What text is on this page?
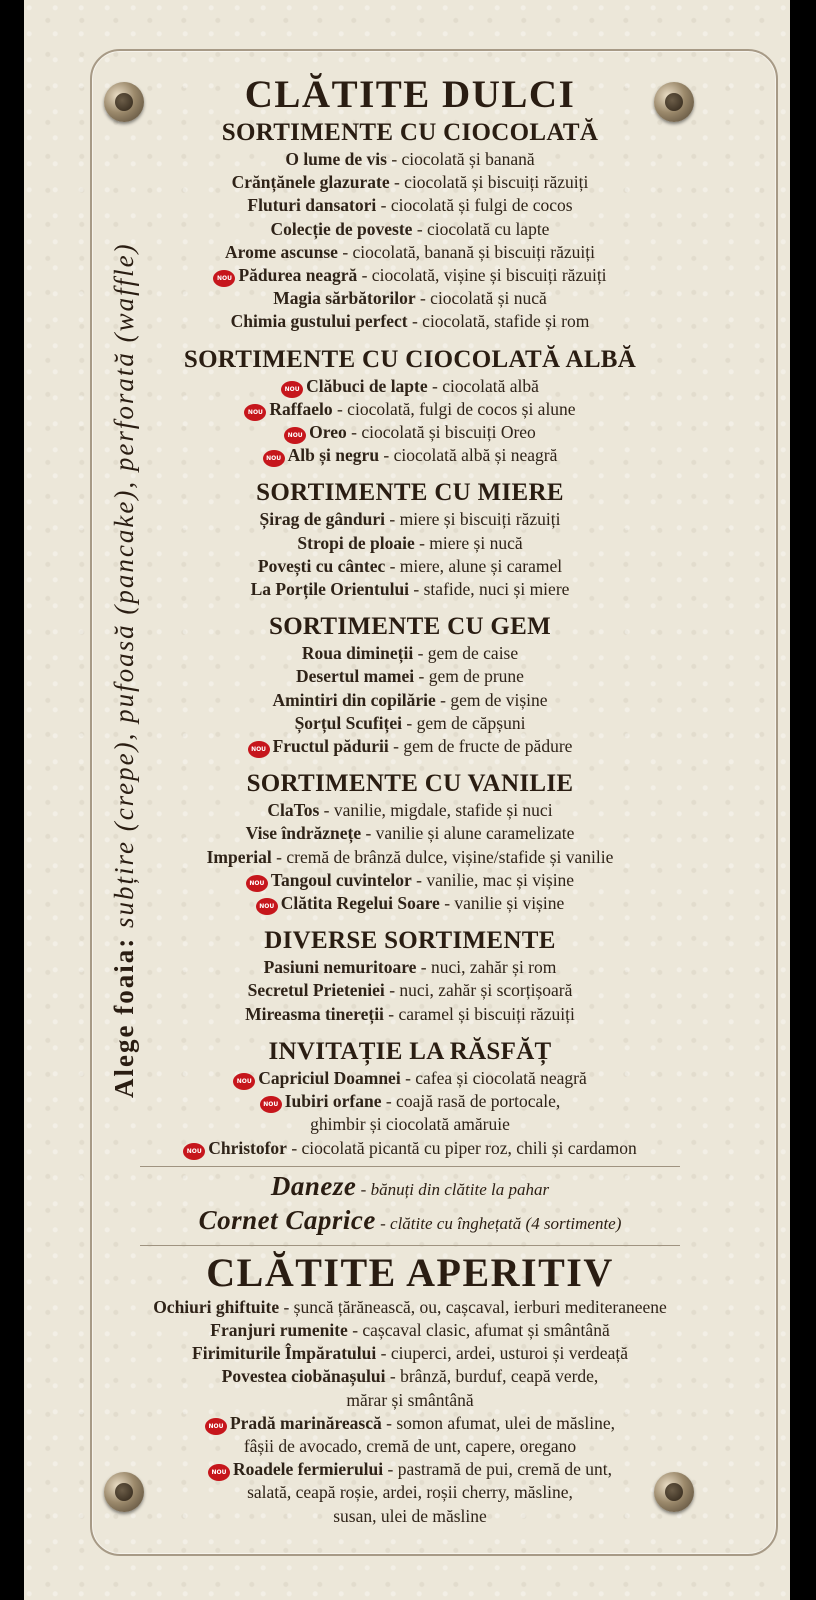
Alege foaia: subțire (crepe), pufoasă (pancake), perforată (waffle)
CLĂTITE DULCI
SORTIMENTE CU CIOCOLATĂ
O lume de vis - ciocolată și banană
Crănțănele glazurate - ciocolată și biscuiți răzuiți
Fluturi dansatori - ciocolată și fulgi de cocos
Colecție de poveste - ciocolată cu lapte
Arome ascunse - ciocolată, banană și biscuiți răzuiți
NOU Pădurea neagră - ciocolată, vișine și biscuiți răzuiți
Magia sărbătorilor - ciocolată și nucă
Chimia gustului perfect - ciocolată, stafide și rom
SORTIMENTE CU CIOCOLATĂ ALBĂ
NOU Clăbuci de lapte - ciocolată albă
NOU Raffaelo - ciocolată, fulgi de cocos și alune
NOU Oreo - ciocolată și biscuiți Oreo
NOU Alb și negru - ciocolată albă și neagră
SORTIMENTE CU MIERE
Șirag de gânduri - miere și biscuiți răzuiți
Stropi de ploaie - miere și nucă
Povești cu cântec - miere, alune și caramel
La Porțile Orientului - stafide, nuci și miere
SORTIMENTE CU GEM
Roua dimineții - gem de caise
Desertul mamei - gem de prune
Amintiri din copilărie - gem de vișine
Șorțul Scufiței - gem de căpșuni
NOU Fructul pădurii - gem de fructe de pădure
SORTIMENTE CU VANILIE
ClaTos - vanilie, migdale, stafide și nuci
Vise îndrăznețe - vanilie și alune caramelizate
Imperial - cremă de brânză dulce, vișine/stafide și vanilie
NOU Tangoul cuvintelor - vanilie, mac și vișine
NOU Clătita Regelui Soare - vanilie și vișine
DIVERSE SORTIMENTE
Pasiuni nemuritoare - nuci, zahăr și rom
Secretul Prieteniei - nuci, zahăr și scorțișoară
Mireasma tinereții - caramel și biscuiți răzuiți
INVITAȚIE LA RĂSFĂȚ
NOU Capriciul Doamnei - cafea și ciocolată neagră
NOU Iubiri orfane - coajă rasă de portocale,
ghimbir și ciocolată amăruie
NOU Christofor - ciocolată picantă cu piper roz, chili și cardamon
Daneze - bănuți din clătite la pahar
Cornet Caprice - clătite cu înghețată (4 sortimente)
CLĂTITE APERITIV
Ochiuri ghiftuite - șuncă țărănească, ou, cașcaval, ierburi mediteraneene
Franjuri rumenite - cașcaval clasic, afumat și smântână
Firimiturile Împăratului - ciuperci, ardei, usturoi și verdeață
Povestea ciobănașului - brânză, burduf, ceapă verde,
mărar și smântână
NOU Pradă marinărească - somon afumat, ulei de măsline,
fâșii de avocado, cremă de unt, capere, oregano
NOU Roadele fermierului - pastramă de pui, cremă de unt,
salată, ceapă roșie, ardei, roșii cherry, măsline,
susan, ulei de măsline
